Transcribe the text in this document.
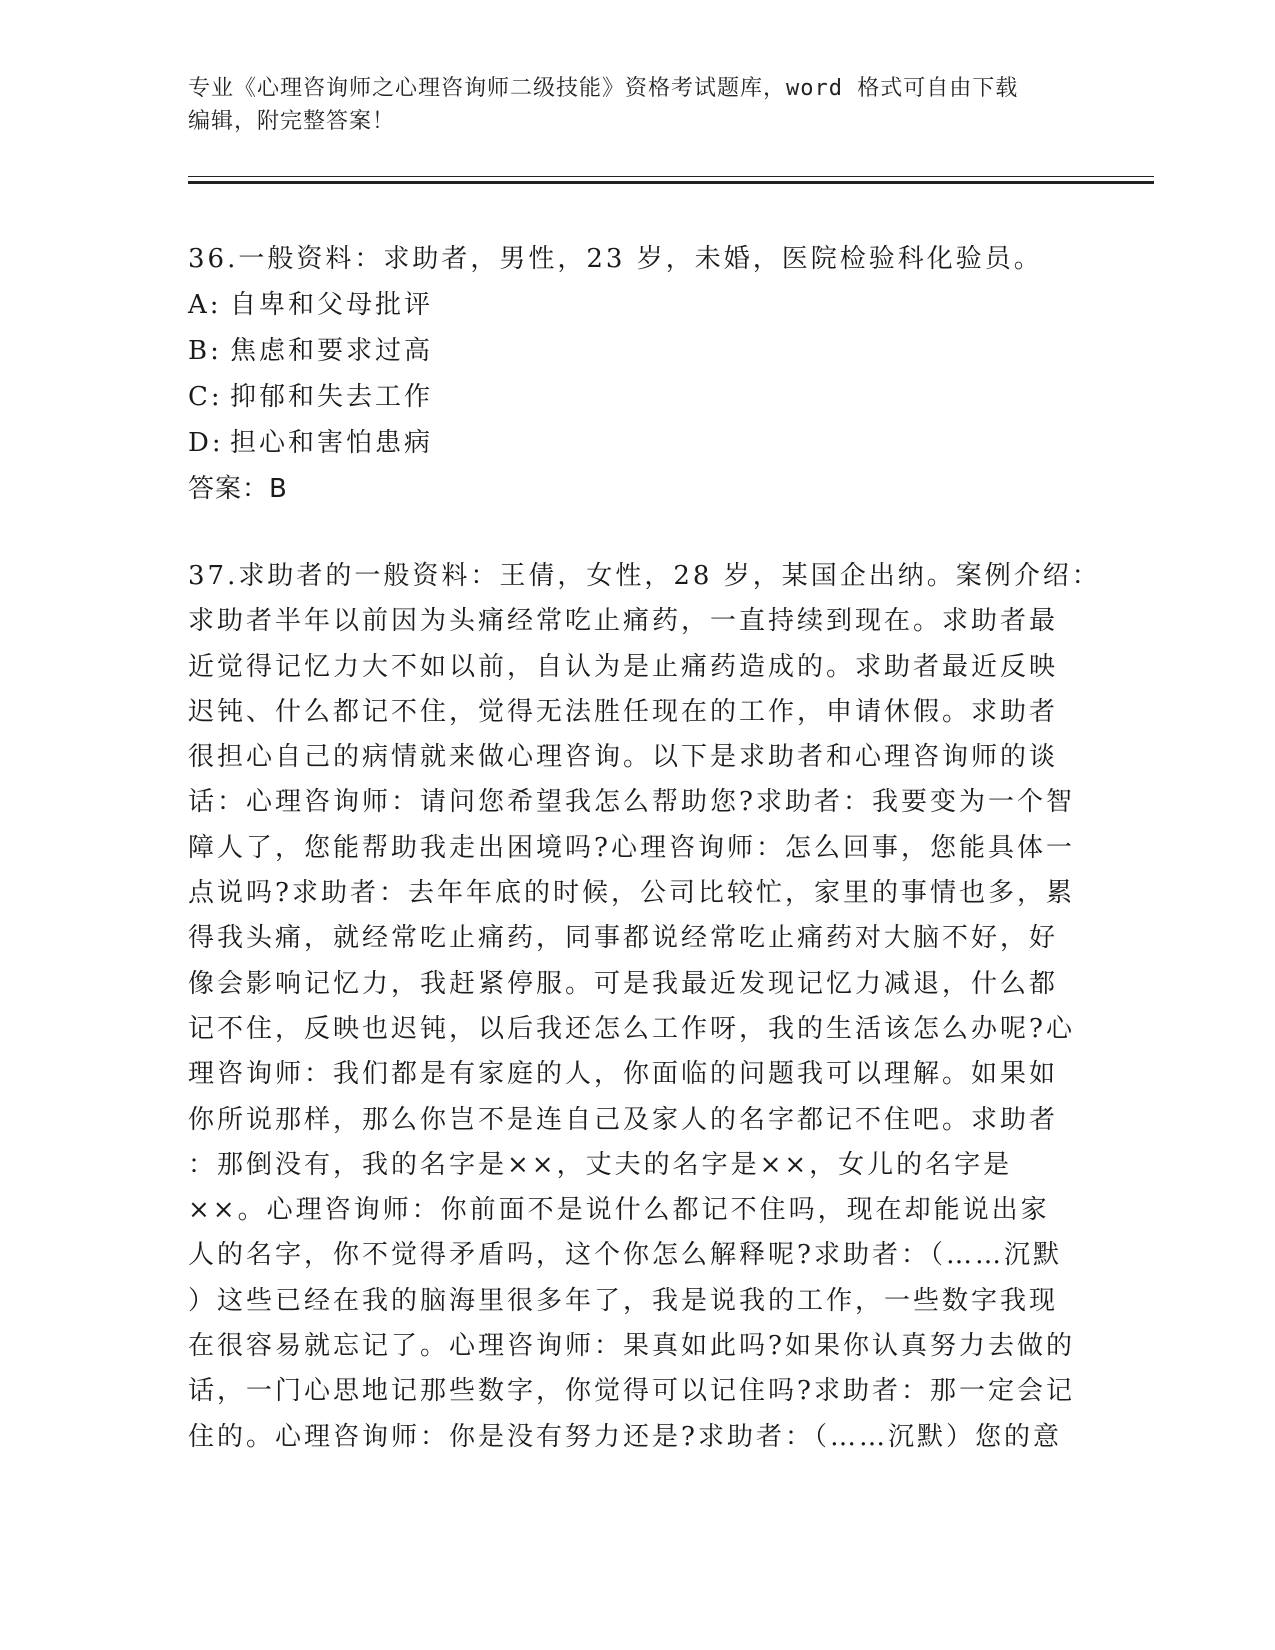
专业《心理咨询师之心理咨询师二级技能》资格考试题库，word 格式可自由下载
编辑，附完整答案！
36.一般资料：求助者，男性，23 岁，未婚，医院检验科化验员。
A: 自卑和父母批评
B: 焦虑和要求过高
C: 抑郁和失去工作
D: 担心和害怕患病
答案：B
37.求助者的一般资料：王倩，女性，28 岁，某国企出纳。案例介绍：
求助者半年以前因为头痛经常吃止痛药，一直持续到现在。求助者最
近觉得记忆力大不如以前，自认为是止痛药造成的。求助者最近反映
迟钝、什么都记不住，觉得无法胜任现在的工作，申请休假。求助者
很担心自己的病情就来做心理咨询。以下是求助者和心理咨询师的谈
话：心理咨询师：请问您希望我怎么帮助您?求助者：我要变为一个智
障人了，您能帮助我走出困境吗?心理咨询师：怎么回事，您能具体一
点说吗?求助者：去年年底的时候，公司比较忙，家里的事情也多，累
得我头痛，就经常吃止痛药，同事都说经常吃止痛药对大脑不好，好
像会影响记忆力，我赶紧停服。可是我最近发现记忆力减退，什么都
记不住，反映也迟钝，以后我还怎么工作呀，我的生活该怎么办呢?心
理咨询师：我们都是有家庭的人，你面临的问题我可以理解。如果如
你所说那样，那么你岂不是连自己及家人的名字都记不住吧。求助者
：那倒没有，我的名字是××，丈夫的名字是××，女儿的名字是
××。心理咨询师：你前面不是说什么都记不住吗，现在却能说出家
人的名字，你不觉得矛盾吗，这个你怎么解释呢?求助者：（……沉默
）这些已经在我的脑海里很多年了，我是说我的工作，一些数字我现
在很容易就忘记了。心理咨询师：果真如此吗?如果你认真努力去做的
话，一门心思地记那些数字，你觉得可以记住吗?求助者：那一定会记
住的。心理咨询师：你是没有努力还是?求助者：（……沉默）您的意
